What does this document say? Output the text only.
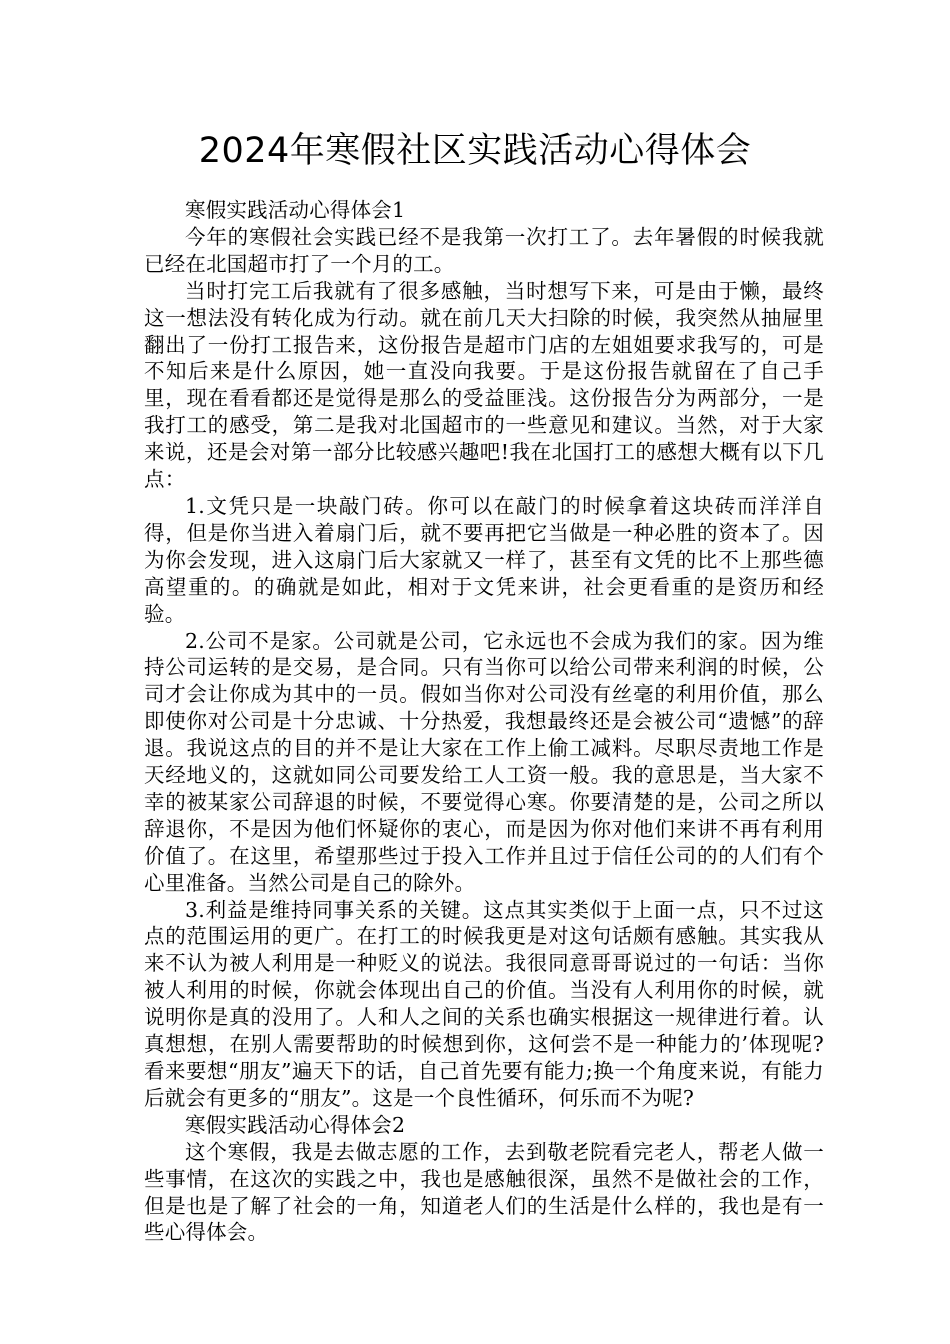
2024年寒假社区实践活动心得体会

寒假实践活动心得体会1

今年的寒假社会实践已经不是我第一次打工了。去年暑假的时候我就已经在北国超市打了一个月的工。

当时打完工后我就有了很多感触，当时想写下来，可是由于懒，最终这一想法没有转化成为行动。就在前几天大扫除的时候，我突然从抽屉里翻出了一份打工报告来，这份报告是超市门店的左姐姐要求我写的，可是不知后来是什么原因，她一直没向我要。于是这份报告就留在了自己手里，现在看看都还是觉得是那么的受益匪浅。这份报告分为两部分，一是我打工的感受，第二是我对北国超市的一些意见和建议。当然，对于大家来说，还是会对第一部分比较感兴趣吧!我在北国打工的感想大概有以下几点：

1.文凭只是一块敲门砖。你可以在敲门的时候拿着这块砖而洋洋自得，但是你当进入着扇门后，就不要再把它当做是一种必胜的资本了。因为你会发现，进入这扇门后大家就又一样了，甚至有文凭的比不上那些德高望重的。的确就是如此，相对于文凭来讲，社会更看重的是资历和经验。

2.公司不是家。公司就是公司，它永远也不会成为我们的家。因为维持公司运转的是交易，是合同。只有当你可以给公司带来利润的时候，公司才会让你成为其中的一员。假如当你对公司没有丝毫的利用价值，那么即使你对公司是十分忠诚、十分热爱，我想最终还是会被公司“遗憾”的辞退。我说这点的目的并不是让大家在工作上偷工减料。尽职尽责地工作是天经地义的，这就如同公司要发给工人工资一般。我的意思是，当大家不幸的被某家公司辞退的时候，不要觉得心寒。你要清楚的是，公司之所以辞退你，不是因为他们怀疑你的衷心，而是因为你对他们来讲不再有利用价值了。在这里，希望那些过于投入工作并且过于信任公司的的人们有个心里准备。当然公司是自己的除外。

3.利益是维持同事关系的关键。这点其实类似于上面一点，只不过这点的范围运用的更广。在打工的时候我更是对这句话颇有感触。其实我从来不认为被人利用是一种贬义的说法。我很同意哥哥说过的一句话：当你被人利用的时候，你就会体现出自己的价值。当没有人利用你的时候，就说明你是真的没用了。人和人之间的关系也确实根据这一规律进行着。认真想想，在别人需要帮助的时候想到你，这何尝不是一种能力的’体现呢?看来要想“朋友”遍天下的话，自己首先要有能力;换一个角度来说，有能力后就会有更多的“朋友”。这是一个良性循环，何乐而不为呢?

寒假实践活动心得体会2

这个寒假，我是去做志愿的工作，去到敬老院看完老人，帮老人做一些事情，在这次的实践之中，我也是感触很深，虽然不是做社会的工作，但是也是了解了社会的一角，知道老人们的生活是什么样的，我也是有一些心得体会。
